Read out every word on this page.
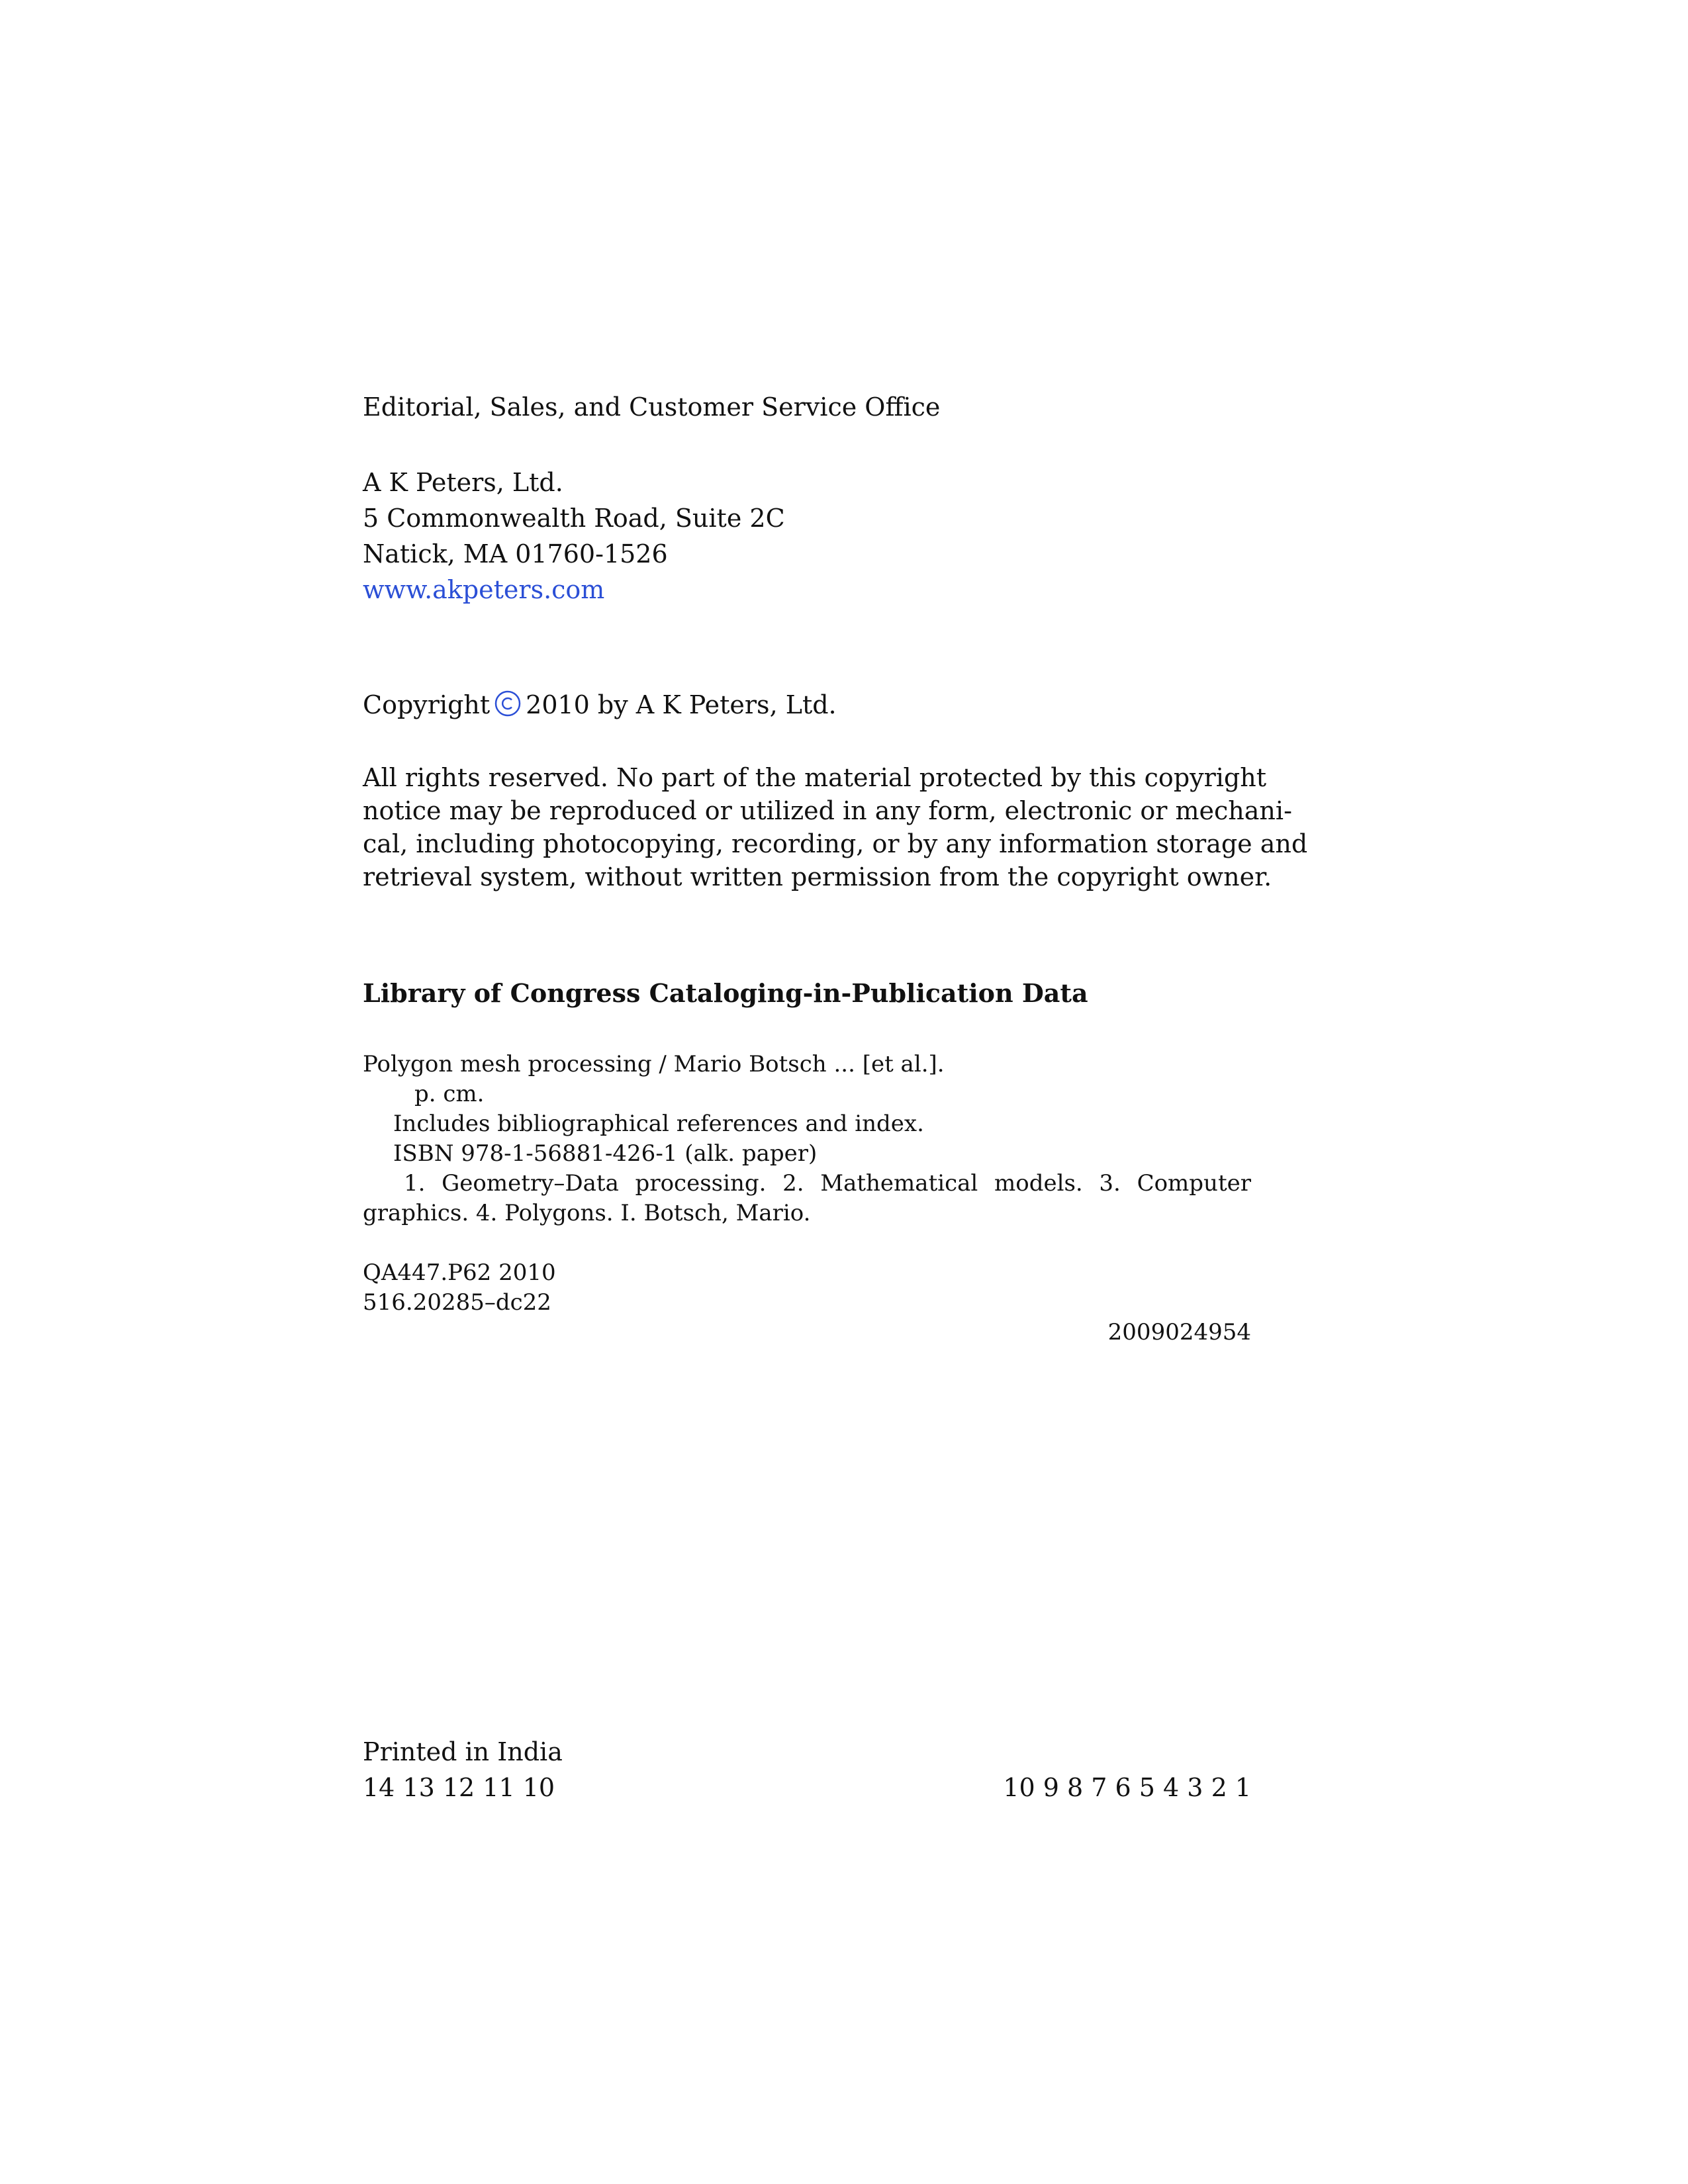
Editorial, Sales, and Customer Service Office
A K Peters, Ltd.
5 Commonwealth Road, Suite 2C
Natick, MA 01760-1526
www.akpeters.com
Copyright 2010 by A K Peters, Ltd.
All rights reserved. No part of the material protected by this copyright
notice may be reproduced or utilized in any form, electronic or mechani-
cal, including photocopying, recording, or by any information storage and
retrieval system, without written permission from the copyright owner.
Library of Congress Cataloging-in-Publication Data
Polygon mesh processing / Mario Botsch ... [et al.].
p. cm.
Includes bibliographical references and index.
ISBN 978-1-56881-426-1 (alk. paper)
1. Geometry–Data processing. 2. Mathematical models. 3. Computer
graphics. 4. Polygons. I. Botsch, Mario.
QA447.P62 2010
516.20285–dc22
2009024954
Printed in India
14 13 12 11 10	10 9 8 7 6 5 4 3 2 1
